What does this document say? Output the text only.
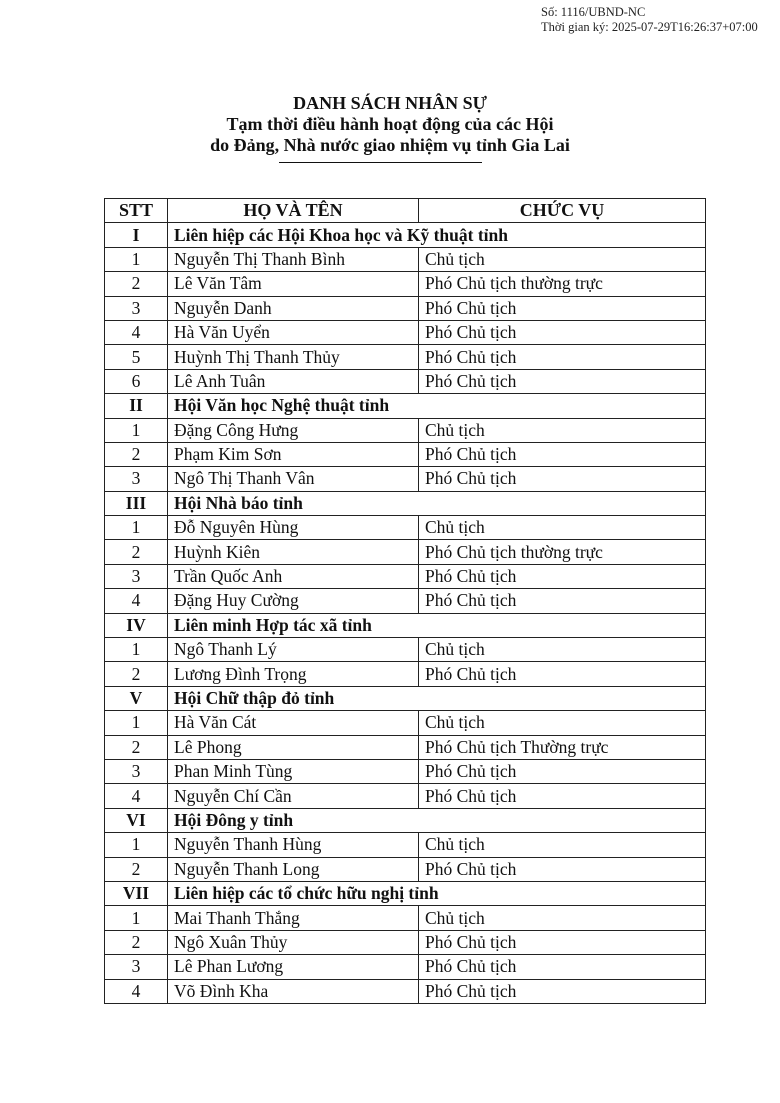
Số: 1116/UBND-NC
Thời gian ký: 2025-07-29T16:26:37+07:00
DANH SÁCH NHÂN SỰ
Tạm thời điều hành hoạt động của các Hội
do Đảng, Nhà nước giao nhiệm vụ tỉnh Gia Lai
STT	HỌ VÀ TÊN	CHỨC VỤ
I	Liên hiệp các Hội Khoa học và Kỹ thuật tỉnh	
1	Nguyễn Thị Thanh Bình	Chủ tịch
2	Lê Văn Tâm	Phó Chủ tịch thường trực
3	Nguyễn Danh	Phó Chủ tịch
4	Hà Văn Uyển	Phó Chủ tịch
5	Huỳnh Thị Thanh Thủy	Phó Chủ tịch
6	Lê Anh Tuân	Phó Chủ tịch
II	Hội Văn học Nghệ thuật tỉnh	
1	Đặng Công Hưng	Chủ tịch
2	Phạm Kim Sơn	Phó Chủ tịch
3	Ngô Thị Thanh Vân	Phó Chủ tịch
III	Hội Nhà báo tỉnh	
1	Đỗ Nguyên Hùng	Chủ tịch
2	Huỳnh Kiên	Phó Chủ tịch thường trực
3	Trần Quốc Anh	Phó Chủ tịch
4	Đặng Huy Cường	Phó Chủ tịch
IV	Liên minh Hợp tác xã tỉnh	
1	Ngô Thanh Lý	Chủ tịch
2	Lương Đình Trọng	Phó Chủ tịch
V	Hội Chữ thập đỏ tỉnh	
1	Hà Văn Cát	Chủ tịch
2	Lê Phong	Phó Chủ tịch Thường trực
3	Phan Minh Tùng	Phó Chủ tịch
4	Nguyễn Chí Cần	Phó Chủ tịch
VI	Hội Đông y tỉnh	
1	Nguyễn Thanh Hùng	Chủ tịch
2	Nguyễn Thanh Long	Phó Chủ tịch
VII	Liên hiệp các tổ chức hữu nghị tỉnh	
1	Mai Thanh Thắng	Chủ tịch
2	Ngô Xuân Thủy	Phó Chủ tịch
3	Lê Phan Lương	Phó Chủ tịch
4	Võ Đình Kha	Phó Chủ tịch
